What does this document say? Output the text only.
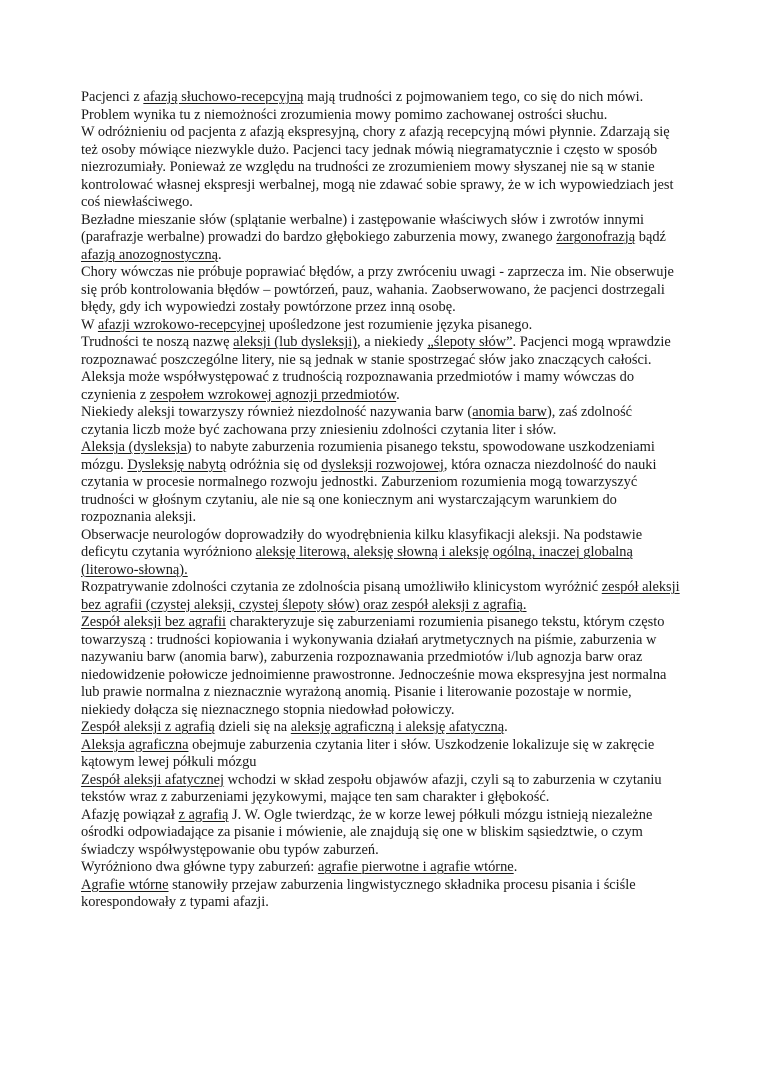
Pacjenci z afazją słuchowo-recepcyjną mają trudności z pojmowaniem tego, co się do nich mówi. Problem wynika tu z niemożności zrozumienia mowy pomimo zachowanej ostrości słuchu.

W odróżnieniu od pacjenta z afazją ekspresyjną, chory z afazją recepcyjną mówi płynnie. Zdarzają się też osoby mówiące niezwykle dużo. Pacjenci tacy jednak mówią niegramatycznie i często w sposób niezrozumiały. Ponieważ ze względu na trudności ze zrozumieniem mowy słyszanej nie są w stanie kontrolować własnej ekspresji werbalnej, mogą nie zdawać sobie sprawy, że w ich wypowiedziach jest coś niewłaściwego.

Bezładne mieszanie słów (splątanie werbalne) i zastępowanie właściwych słów i zwrotów innymi (parafrazje werbalne) prowadzi do bardzo głębokiego zaburzenia mowy, zwanego żargonofrazją bądź afazją anozognostyczną.

Chory wówczas nie próbuje poprawiać błędów, a przy zwróceniu uwagi - zaprzecza im. Nie obserwuje się prób kontrolowania błędów – powtórzeń, pauz, wahania. Zaobserwowano, że pacjenci dostrzegali błędy, gdy ich wypowiedzi zostały powtórzone przez inną osobę.

W afazji wzrokowo-recepcyjnej upośledzone jest rozumienie języka pisanego.

Trudności te noszą nazwę aleksji (lub dysleksji), a niekiedy „ślepoty słów”. Pacjenci mogą wprawdzie rozpoznawać poszczególne litery, nie są jednak w stanie spostrzegać słów jako znaczących całości.

Aleksja może współwystępować z trudnością rozpoznawania przedmiotów i mamy wówczas do czynienia z zespołem wzrokowej agnozji przedmiotów.

Niekiedy aleksji towarzyszy również niezdolność nazywania barw (anomia barw), zaś zdolność czytania liczb może być zachowana przy zniesieniu zdolności czytania liter i słów.

Aleksja (dysleksja) to nabyte zaburzenia rozumienia pisanego tekstu, spowodowane uszkodzeniami mózgu. Dysleksję nabytą odróżnia się od dysleksji rozwojowej, która oznacza niezdolność do nauki czytania w procesie normalnego rozwoju jednostki. Zaburzeniom rozumienia mogą towarzyszyć trudności w głośnym czytaniu, ale nie są one koniecznym ani wystarczającym warunkiem do rozpoznania aleksji.

Obserwacje neurologów doprowadziły do wyodrębnienia kilku klasyfikacji aleksji. Na podstawie deficytu czytania wyróżniono aleksję literową, aleksję słowną i aleksję ogólną, inaczej globalną (literowo-słowną).

Rozpatrywanie zdolności czytania ze zdolnościa pisaną umożliwiło klinicystom wyróżnić zespół aleksji bez agrafii (czystej aleksji, czystej ślepoty słów) oraz zespół aleksji z agrafią.

Zespół aleksji bez agrafii charakteryzuje się zaburzeniami rozumienia pisanego tekstu, którym często towarzyszą : trudności kopiowania i wykonywania działań arytmetycznych na piśmie, zaburzenia w nazywaniu barw (anomia barw), zaburzenia rozpoznawania przedmiotów i/lub agnozja barw oraz niedowidzenie połowicze jednoimienne prawostronne. Jednocześnie mowa ekspresyjna jest normalna lub prawie normalna z nieznacznie wyrażoną anomią. Pisanie i literowanie pozostaje w normie, niekiedy dołącza się nieznacznego stopnia niedowład połowiczy.

Zespół aleksji z agrafią dzieli się na aleksję agraficzną i aleksję afatyczną.

Aleksja agraficzna obejmuje zaburzenia czytania liter i słów. Uszkodzenie lokalizuje się w zakręcie kątowym lewej półkuli mózgu

Zespół aleksji afatycznej wchodzi w skład zespołu objawów afazji, czyli są to zaburzenia w czytaniu tekstów wraz z zaburzeniami językowymi, mające ten sam charakter i głębokość.

Afazję powiązał z agrafią J. W. Ogle twierdząc, że w korze lewej półkuli mózgu istnieją niezależne ośrodki odpowiadające za pisanie i mówienie, ale znajdują się one w bliskim sąsiedztwie, o czym świadczy współwystępowanie obu typów zaburzeń.

Wyróżniono dwa główne typy zaburzeń: agrafie pierwotne i agrafie wtórne.

Agrafie wtórne stanowiły przejaw zaburzenia lingwistycznego składnika procesu pisania i ściśle korespondowały z typami afazji.
